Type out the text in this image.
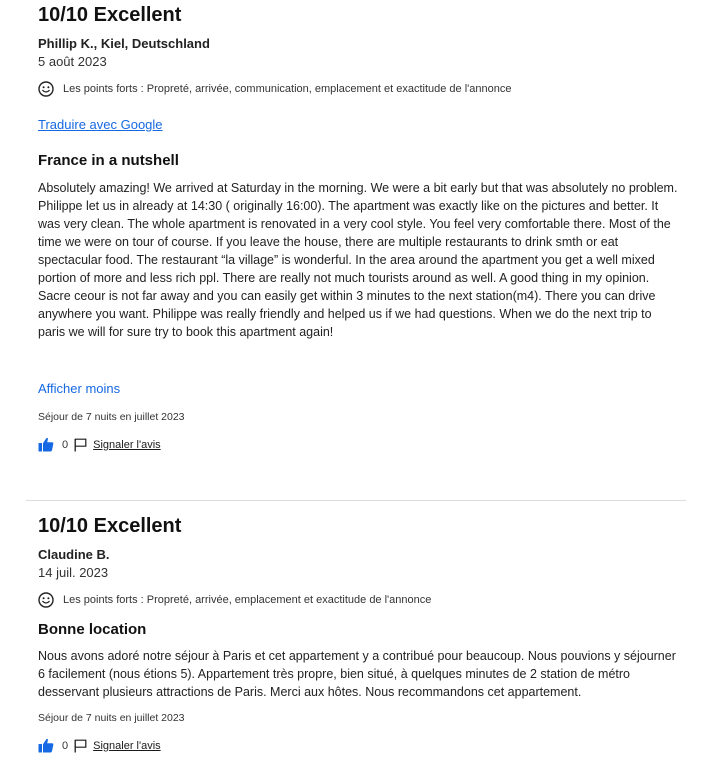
10/10 Excellent
Phillip K., Kiel, Deutschland
5 août 2023
Les points forts : Propreté, arrivée, communication, emplacement et exactitude de l'annonce
Traduire avec Google
France in a nutshell
Absolutely amazing! We arrived at Saturday in the morning. We were a bit early but that was absolutely no problem. Philippe let us in already at 14:30 ( originally 16:00). The apartment was exactly like on the pictures and better. It was very clean. The whole apartment is renovated in a very cool style. You feel very comfortable there. Most of the time we were on tour of course. If you leave the house, there are multiple restaurants to drink smth or eat spectacular food. The restaurant “la village” is wonderful. In the area around the apartment you get a well mixed portion of more and less rich ppl. There are really not much tourists around as well. A good thing in my opinion. Sacre ceour is not far away and you can easily get within 3 minutes to the next station(m4). There you can drive anywhere you want. Philippe was really friendly and helped us if we had questions. When we do the next trip to paris we will for sure try to book this apartment again!
Afficher moins
Séjour de 7 nuits en juillet 2023
0 Signaler l'avis
10/10 Excellent
Claudine B.
14 juil. 2023
Les points forts : Propreté, arrivée, emplacement et exactitude de l'annonce
Bonne location
Nous avons adoré notre séjour à Paris et cet appartement y a contribué pour beaucoup. Nous pouvions y séjourner 6 facilement (nous étions 5). Appartement très propre, bien situé, à quelques minutes de 2 station de métro desservant plusieurs attractions de Paris. Merci aux hôtes. Nous recommandons cet appartement.
Séjour de 7 nuits en juillet 2023
0 Signaler l'avis
